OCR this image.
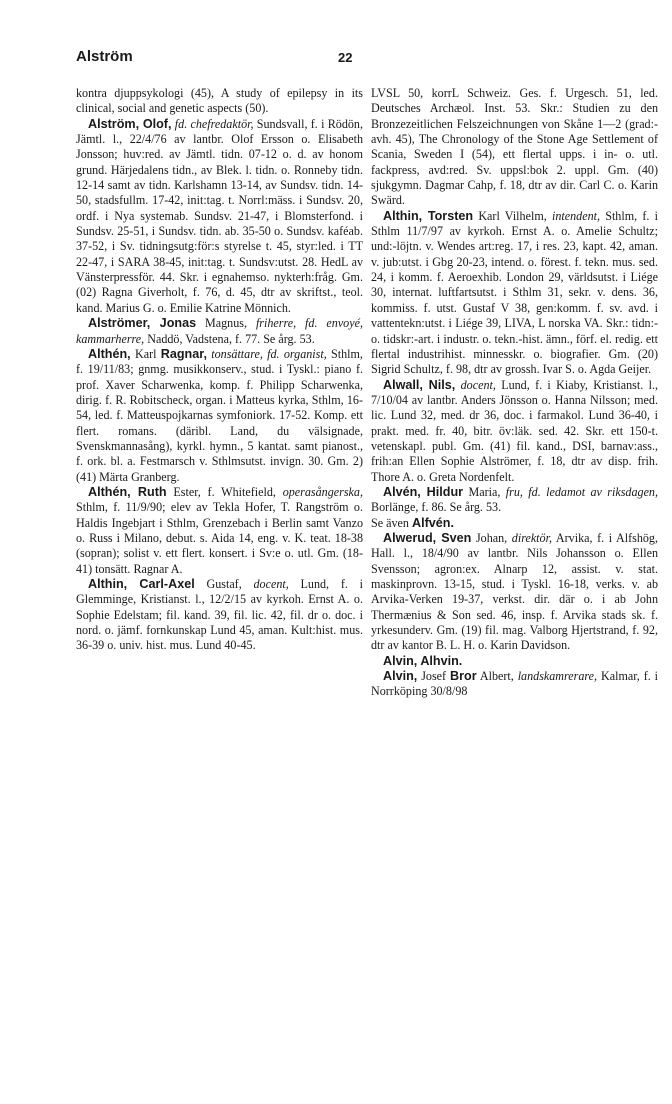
Alström	22

kontra djuppsykologi (45), A study of epilepsy in its clinical, social and genetic aspects (50).

Alström, Olof, fd. chefredaktör, Sundsvall, f. i Rödön, Jämtl. l., 22/4/76 av lantbr. Olof Ersson o. Elisabeth Jonsson; huv:red. av Jämtl. tidn. 07-12 o. d. av honom grund. Härjedalens tidn., av Blek. l. tidn. o. Ronneby tidn. 12-14 samt av tidn. Karlshamn 13-14, av Sundsv. tidn. 14-50, stadsfullm. 17-42, init:tag. t. Norrl:mäss. i Sundsv. 20, ordf. i Nya systemab. Sundsv. 21-47, i Blomsterfond. i Sundsv. 25-51, i Sundsv. tidn. ab. 35-50 o. Sundsv. kaféab. 37-52, i Sv. tidningsutg:för:s styrelse t. 45, styr:led. i TT 22-47, i SARA 38-45, init:tag. t. Sundsv:utst. 28. HedL av Vänsterpressför. 44. Skr. i egnahemso. nykterh:fråg. Gm. (02) Ragna Giverholt, f. 76, d. 45, dtr av skriftst., teol. kand. Marius G. o. Emilie Katrine Mönnich.

Alströmer, Jonas Magnus, friherre, fd. envoyé, kammarherre, Naddö, Vadstena, f. 77. Se årg. 53.

Althén, Karl Ragnar, tonsättare, fd. organist, Sthlm, f. 19/11/83; gnmg. musikkonserv., stud. i Tyskl.: piano f. prof. Xaver Scharwenka, komp. f. Philipp Scharwenka, dirig. f. R. Robitscheck, organ. i Matteus kyrka, Sthlm, 16-54, led. f. Matteuspojkarnas symfoniork. 17-52. Komp. ett flert. romans. (däribl. Land, du välsignade, Svenskmannasång), kyrkl. hymn., 5 kantat. samt pianost., f. ork. bl. a. Festmarsch v. Sthlmsutst. invign. 30. Gm. 2) (41) Märta Granberg.

Althén, Ruth Ester, f. Whitefield, operasångerska, Sthlm, f. 11/9/90; elev av Tekla Hofer, T. Rangström o. Haldis Ingebjart i Sthlm, Grenzebach i Berlin samt Vanzo o. Russ i Milano, debut. s. Aida 14, eng. v. K. teat. 18-38 (sopran); solist v. ett flert. konsert. i Sv:e o. utl. Gm. (18-41) tonsätt. Ragnar A.

Althin, Carl-Axel Gustaf, docent, Lund, f. i Glemminge, Kristianst. l., 12/2/15 av kyrkoh. Ernst A. o. Sophie Edelstam; fil. kand. 39, fil. lic. 42, fil. dr o. doc. i nord. o. jämf. fornkunskap Lund 45, aman. Kult:hist. mus. 36-39 o. univ. hist. mus. Lund 40-45.

LVSL 50, korrL Schweiz. Ges. f. Urgesch. 51, led. Deutsches Archæol. Inst. 53. Skr.: Studien zu den Bronzezeitlichen Felszeichnungen von Skåne 1—2 (grad:-avh. 45), The Chronology of the Stone Age Settlement of Scania, Sweden I (54), ett flertal upps. i in- o. utl. fackpress, avd:red. Sv. uppsl:bok 2. uppl. Gm. (40) sjukgymn. Dagmar Cahp, f. 18, dtr av dir. Carl C. o. Karin Swärd.

Althin, Torsten Karl Vilhelm, intendent, Sthlm, f. i Sthlm 11/7/97 av kyrkoh. Ernst A. o. Amelie Schultz; und:-löjtn. v. Wendes art:reg. 17, i res. 23, kapt. 42, aman. v. jub:utst. i Gbg 20-23, intend. o. förest. f. tekn. mus. sed. 24, i komm. f. Aeroexhib. London 29, världsutst. i Liége 30, internat. luftfartsutst. i Sthlm 31, sekr. v. dens. 36, kommiss. f. utst. Gustaf V 38, gen:komm. f. sv. avd. i vattentekn:utst. i Liége 39, LIVA, L norska VA. Skr.: tidn:- o. tidskr:-art. i industr. o. tekn.-hist. ämn., förf. el. redig. ett flertal industrihist. minnesskr. o. biografier. Gm. (20) Sigrid Schultz, f. 98, dtr av grossh. Ivar S. o. Agda Geijer.

Alwall, Nils, docent, Lund, f. i Kiaby, Kristianst. l., 7/10/04 av lantbr. Anders Jönsson o. Hanna Nilsson; med. lic. Lund 32, med. dr 36, doc. i farmakol. Lund 36-40, i prakt. med. fr. 40, bitr. öv:läk. sed. 42. Skr. ett 150-t. vetenskapl. publ. Gm. (41) fil. kand., DSI, barnav:ass., frih:an Ellen Sophie Alströmer, f. 18, dtr av disp. frih. Thore A. o. Greta Nordenfelt.

Alvén, Hildur Maria, fru, fd. ledamot av riksdagen, Borlänge, f. 86. Se årg. 53.

Se även Alfvén.

Alwerud, Sven Johan, direktör, Arvika, f. i Alfshög, Hall. l., 18/4/90 av lantbr. Nils Johansson o. Ellen Svensson; agron:ex. Alnarp 12, assist. v. stat. maskinprovn. 13-15, stud. i Tyskl. 16-18, verks. v. ab Arvika-Verken 19-37, verkst. dir. där o. i ab John Thermænius & Son sed. 46, insp. f. Arvika stads sk. f. yrkesunderv. Gm. (19) fil. mag. Valborg Hjertstrand, f. 92, dtr av kantor B. L. H. o. Karin Davidson.

Alvin, Alhvin.

Alvin, Josef Bror Albert, landskamrerare, Kalmar, f. i Norrköping 30/8/98
